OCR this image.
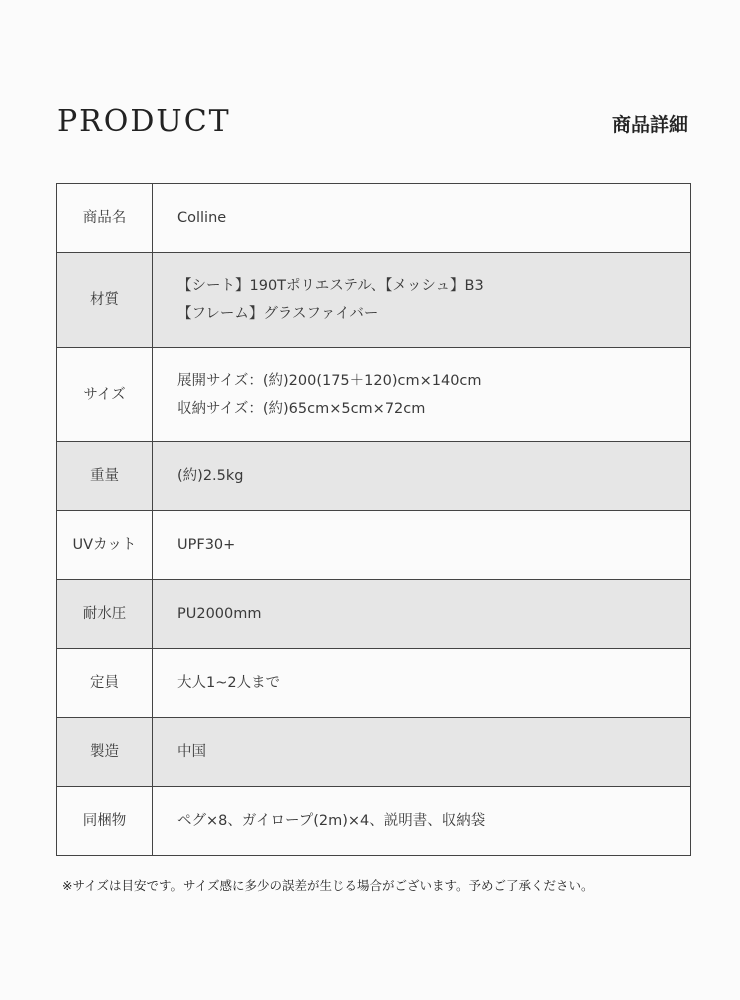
PRODUCT	商品詳細
商品名	Colline

材質	【シート】190Tポリエステル、【メッシュ】B3
【フレーム】グラスファイバー

サイズ	展開サイズ：(約)200(175＋120)cm×140cm
収納サイズ：(約)65cm×5cm×72cm

重量	(約)2.5kg

UVカット	UPF30+

耐水圧	PU2000mm

定員	大人1~2人まで

製造	中国

同梱物	ペグ×8、ガイロープ(2m)×4、説明書、収納袋
※サイズは目安です。サイズ感に多少の誤差が生じる場合がございます。予めご了承ください。
